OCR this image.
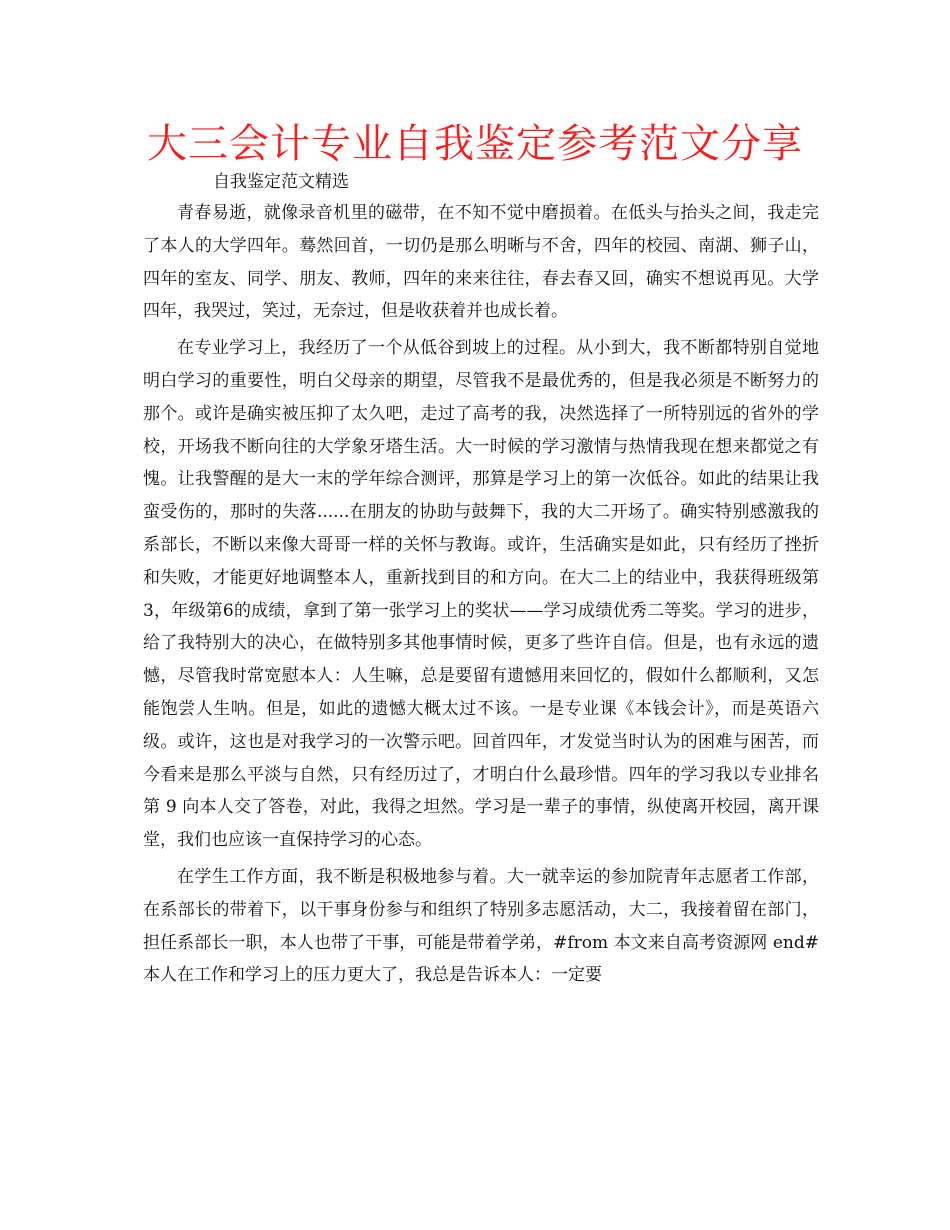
大三会计专业自我鉴定参考范文分享
自我鉴定范文精选

青春易逝，就像录音机里的磁带，在不知不觉中磨损着。在低头与抬头之间，我走完了本人的大学四年。蓦然回首，一切仍是那么明晰与不舍，四年的校园、南湖、狮子山，四年的室友、同学、朋友、教师，四年的来来往往，春去春又回，确实不想说再见。大学四年，我哭过，笑过，无奈过，但是收获着并也成长着。

在专业学习上，我经历了一个从低谷到坡上的过程。从小到大，我不断都特别自觉地明白学习的重要性，明白父母亲的期望，尽管我不是最优秀的，但是我必须是不断努力的那个。或许是确实被压抑了太久吧，走过了高考的我，决然选择了一所特别远的省外的学校，开场我不断向往的大学象牙塔生活。大一时候的学习激情与热情我现在想来都觉之有愧。让我警醒的是大一末的学年综合测评，那算是学习上的第一次低谷。如此的结果让我蛮受伤的，那时的失落......在朋友的协助与鼓舞下，我的大二开场了。确实特别感激我的系部长，不断以来像大哥哥一样的关怀与教诲。或许，生活确实是如此，只有经历了挫折和失败，才能更好地调整本人，重新找到目的和方向。在大二上的结业中，我获得班级第 3，年级第6的成绩，拿到了第一张学习上的奖状——学习成绩优秀二等奖。学习的进步，给了我特别大的决心，在做特别多其他事情时候，更多了些许自信。但是，也有永远的遗憾，尽管我时常宽慰本人：人生嘛，总是要留有遗憾用来回忆的，假如什么都顺利，又怎能饱尝人生呐。但是，如此的遗憾大概太过不该。一是专业课《本钱会计》，而是英语六级。或许，这也是对我学习的一次警示吧。回首四年，才发觉当时认为的困难与困苦，而今看来是那么平淡与自然，只有经历过了，才明白什么最珍惜。四年的学习我以专业排名第 9 向本人交了答卷，对此，我得之坦然。学习是一辈子的事情，纵使离开校园，离开课堂，我们也应该一直保持学习的心态。

在学生工作方面，我不断是积极地参与着。大一就幸运的参加院青年志愿者工作部，在系部长的带着下，以干事身份参与和组织了特别多志愿活动，大二，我接着留在部门，担任系部长一职，本人也带了干事，可能是带着学弟，#from 本文来自高考资源网 end#本人在工作和学习上的压力更大了，我总是告诉本人：一定要
